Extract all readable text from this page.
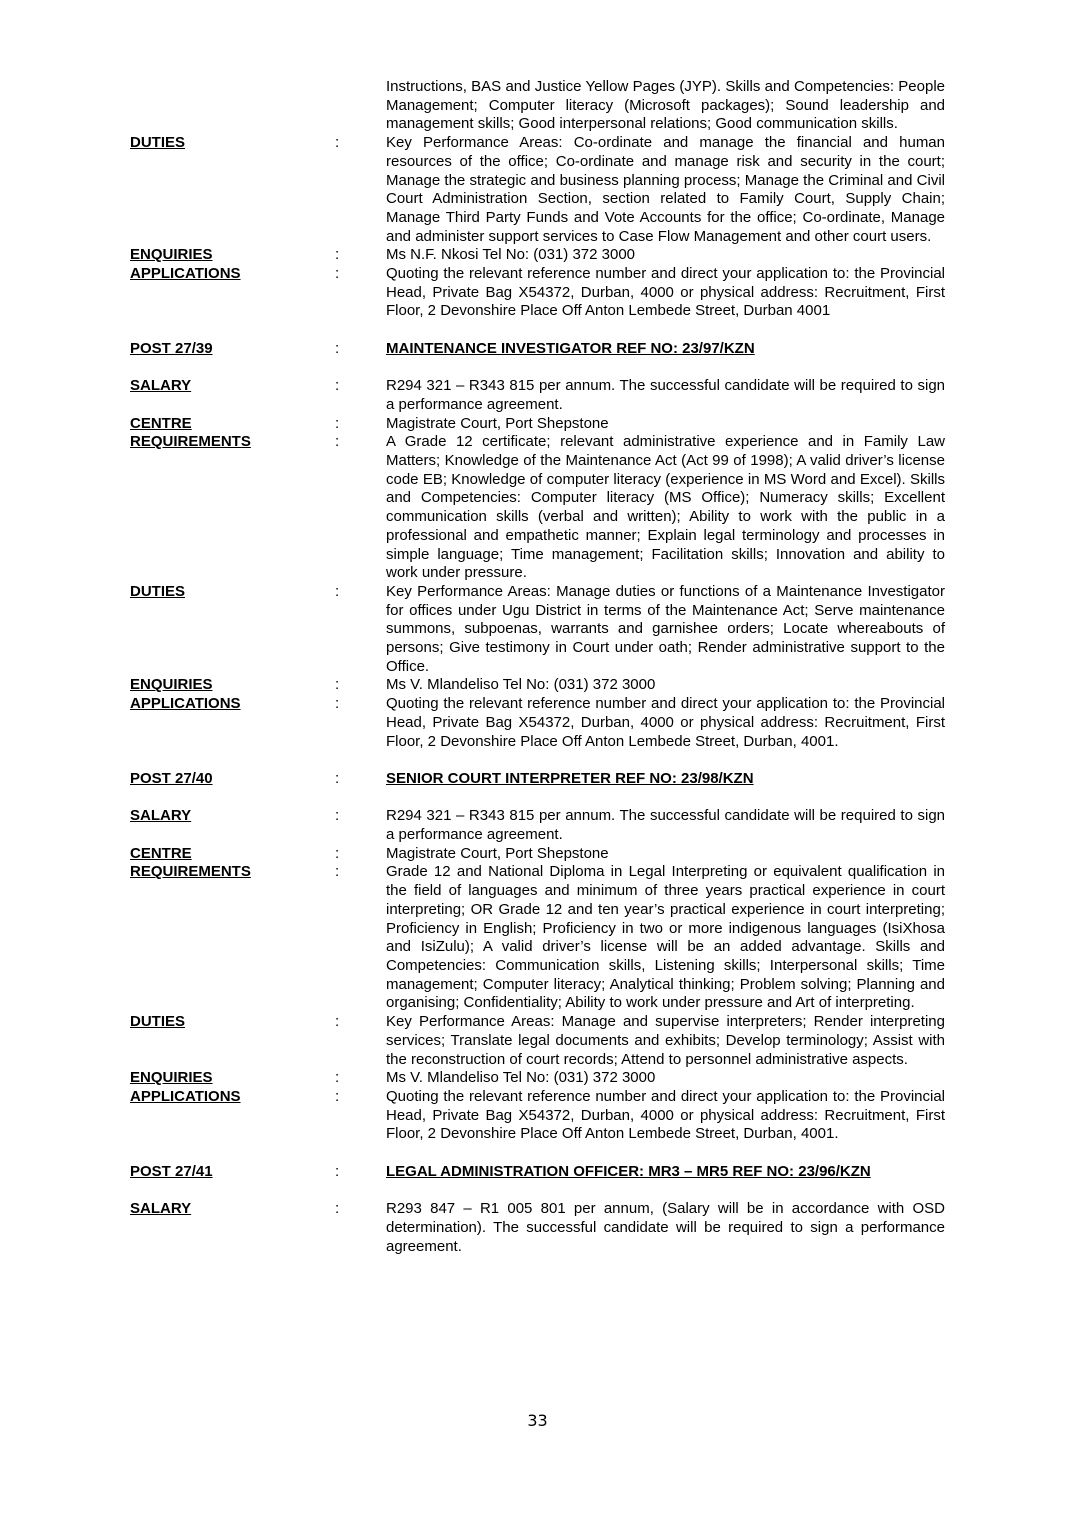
Instructions, BAS and Justice Yellow Pages (JYP). Skills and Competencies: People Management; Computer literacy (Microsoft packages); Sound leadership and management skills; Good interpersonal relations; Good communication skills.
DUTIES	:	Key Performance Areas: Co-ordinate and manage the financial and human resources of the office; Co-ordinate and manage risk and security in the court; Manage the strategic and business planning process; Manage the Criminal and Civil Court Administration Section, section related to Family Court, Supply Chain; Manage Third Party Funds and Vote Accounts for the office; Co-ordinate, Manage and administer support services to Case Flow Management and other court users.
ENQUIRIES	:	Ms N.F. Nkosi Tel No: (031) 372 3000
APPLICATIONS	:	Quoting the relevant reference number and direct your application to: the Provincial Head, Private Bag X54372, Durban, 4000 or physical address: Recruitment, First Floor, 2 Devonshire Place Off Anton Lembede Street, Durban 4001
POST 27/39	:	MAINTENANCE INVESTIGATOR REF NO: 23/97/KZN
SALARY	:	R294 321 – R343 815 per annum. The successful candidate will be required to sign a performance agreement.
CENTRE	:	Magistrate Court, Port Shepstone
REQUIREMENTS	:	A Grade 12 certificate; relevant administrative experience and in Family Law Matters; Knowledge of the Maintenance Act (Act 99 of 1998); A valid driver’s license code EB; Knowledge of computer literacy (experience in MS Word and Excel). Skills and Competencies: Computer literacy (MS Office); Numeracy skills; Excellent communication skills (verbal and written); Ability to work with the public in a professional and empathetic manner; Explain legal terminology and processes in simple language; Time management; Facilitation skills; Innovation and ability to work under pressure.
DUTIES	:	Key Performance Areas: Manage duties or functions of a Maintenance Investigator for offices under Ugu District in terms of the Maintenance Act; Serve maintenance summons, subpoenas, warrants and garnishee orders; Locate whereabouts of persons; Give testimony in Court under oath; Render administrative support to the Office.
ENQUIRIES	:	Ms V. Mlandeliso Tel No: (031) 372 3000
APPLICATIONS	:	Quoting the relevant reference number and direct your application to: the Provincial Head, Private Bag X54372, Durban, 4000 or physical address: Recruitment, First Floor, 2 Devonshire Place Off Anton Lembede Street, Durban, 4001.
POST 27/40	:	SENIOR COURT INTERPRETER REF NO: 23/98/KZN
SALARY	:	R294 321 – R343 815 per annum. The successful candidate will be required to sign a performance agreement.
CENTRE	:	Magistrate Court, Port Shepstone
REQUIREMENTS	:	Grade 12 and National Diploma in Legal Interpreting or equivalent qualification in the field of languages and minimum of three years practical experience in court interpreting; OR Grade 12 and ten year’s practical experience in court interpreting; Proficiency in English; Proficiency in two or more indigenous languages (IsiXhosa and IsiZulu); A valid driver’s license will be an added advantage. Skills and Competencies: Communication skills, Listening skills; Interpersonal skills; Time management; Computer literacy; Analytical thinking; Problem solving; Planning and organising; Confidentiality; Ability to work under pressure and Art of interpreting.
DUTIES	:	Key Performance Areas: Manage and supervise interpreters; Render interpreting services; Translate legal documents and exhibits; Develop terminology; Assist with the reconstruction of court records; Attend to personnel administrative aspects.
ENQUIRIES	:	Ms V. Mlandeliso Tel No: (031) 372 3000
APPLICATIONS	:	Quoting the relevant reference number and direct your application to: the Provincial Head, Private Bag X54372, Durban, 4000 or physical address: Recruitment, First Floor, 2 Devonshire Place Off Anton Lembede Street, Durban, 4001.
POST 27/41	:	LEGAL ADMINISTRATION OFFICER: MR3 – MR5 REF NO: 23/96/KZN
SALARY	:	R293 847 – R1 005 801 per annum, (Salary will be in accordance with OSD determination). The successful candidate will be required to sign a performance agreement.
33
